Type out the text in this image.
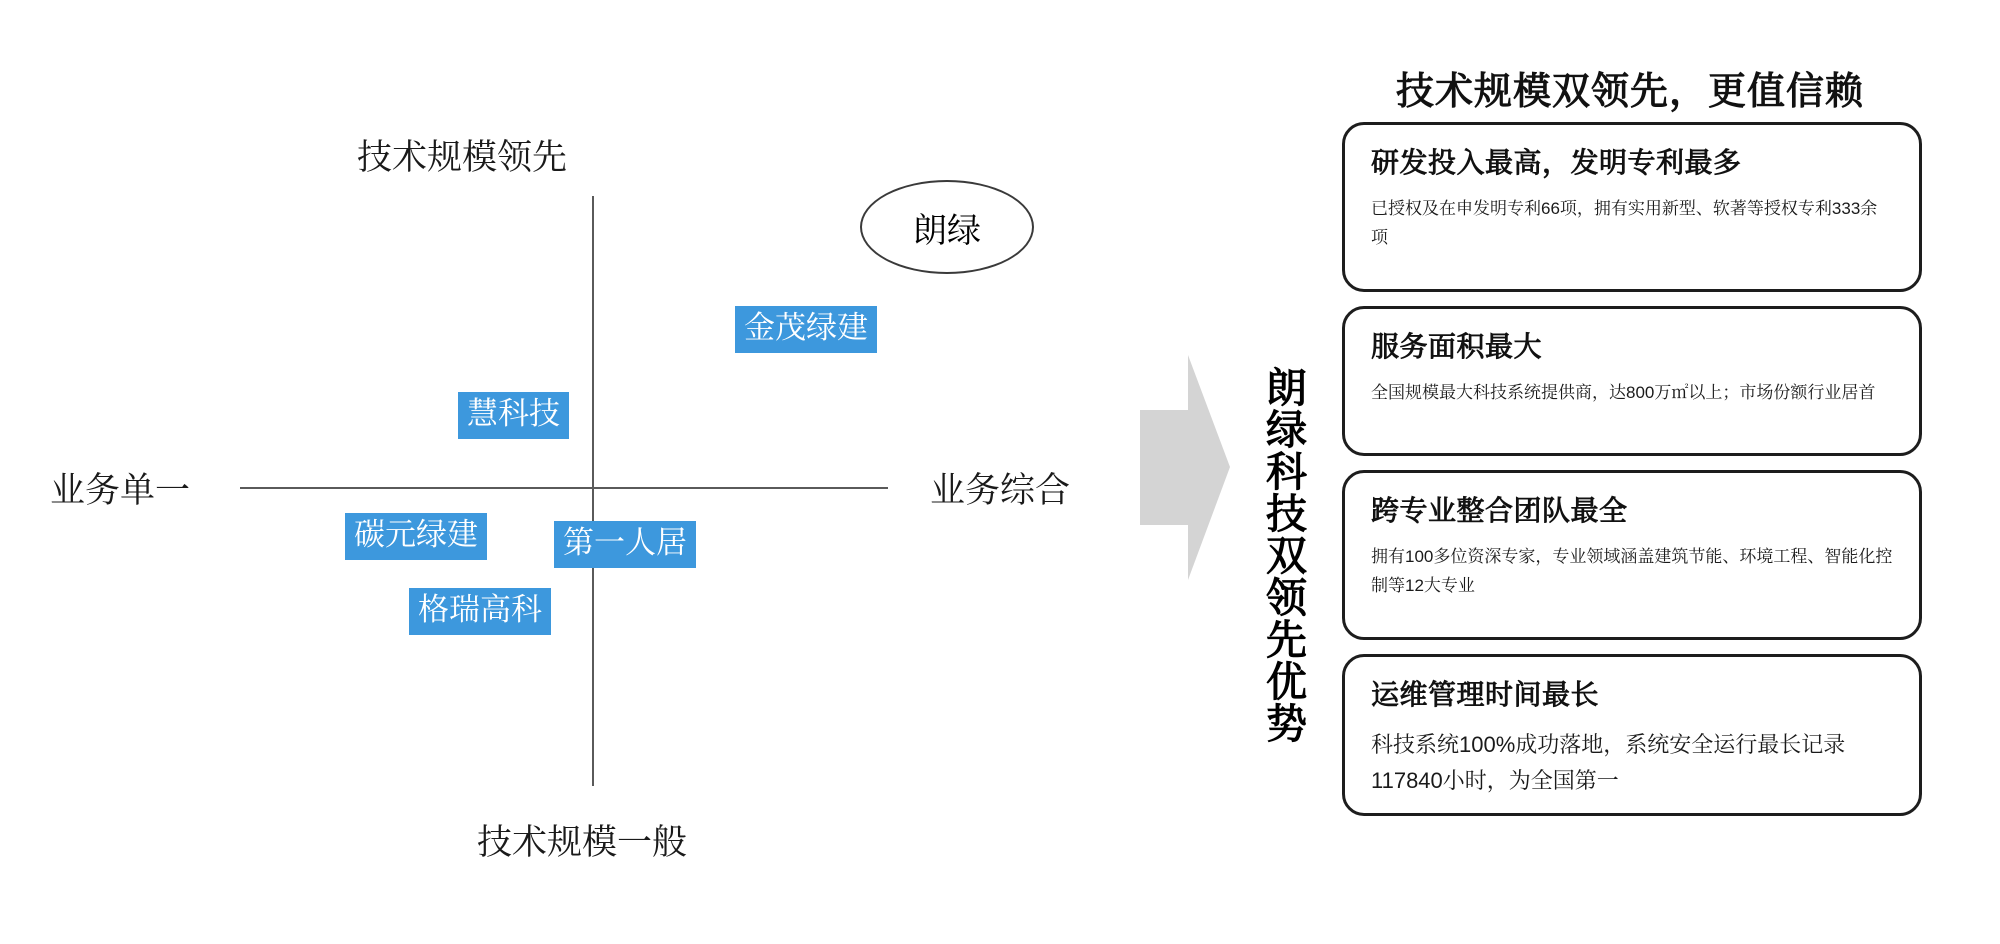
技术规模领先
技术规模一般
业务单一	业务综合
朗绿
金茂绿建
慧科技
碳元绿建	第一人居
格瑞高科	朗绿科技双领先优势
技术规模双领先，更值信赖
研发投入最高，发明专利最多
已授权及在申发明专利66项，拥有实用新型、软著等授权专利333余项
服务面积最大
全国规模最大科技系统提供商，达800万㎡以上；市场份额行业居首
跨专业整合团队最全
拥有100多位资深专家，专业领域涵盖建筑节能、环境工程、智能化控制等12大专业
运维管理时间最长
科技系统100%成功落地，系统安全运行最长记录117840小时，为全国第一
